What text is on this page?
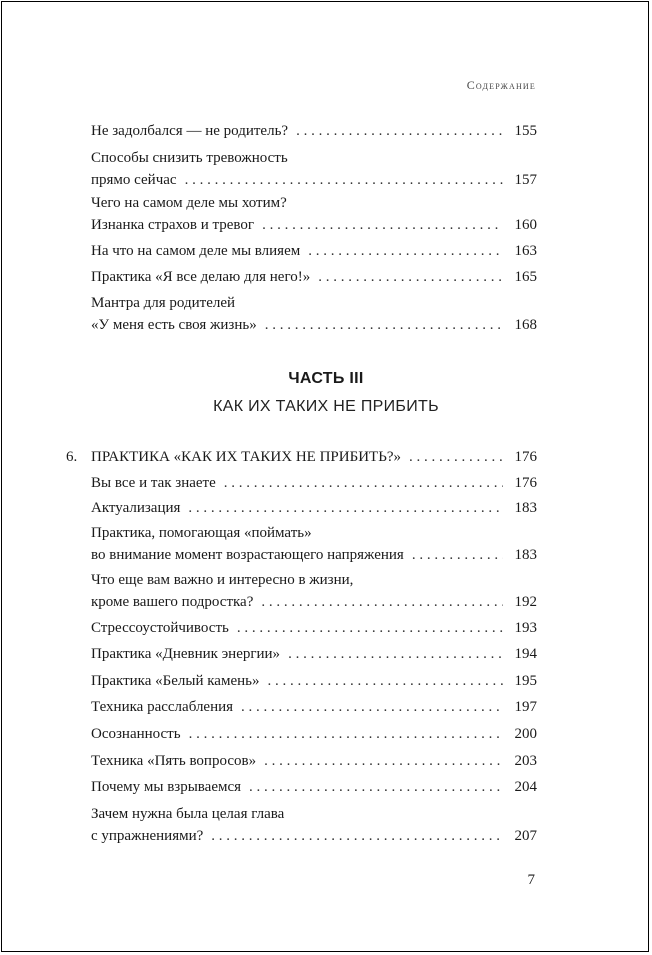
Содержание
Не задолбался — не родитель? . . .	155
Способы снизить тревожность
прямо сейчас . . .	157
Чего на самом деле мы хотим?
Изнанка страхов и тревог . . .	160
На что на самом деле мы влияем . . .	163
Практика «Я все делаю для него!» . . .	165
Мантра для родителей
«У меня есть своя жизнь» . . .	168
ЧАСТЬ III
КАК ИХ ТАКИХ НЕ ПРИБИТЬ
6. ПРАКТИКА «КАК ИХ ТАКИХ НЕ ПРИБИТЬ?» . . .	176
Вы все и так знаете . . .	176
Актуализация . . .	183
Практика, помогающая «поймать»
во внимание момент возрастающего напряжения . . .	183
Что еще вам важно и интересно в жизни,
кроме вашего подростка? . . .	192
Стрессоустойчивость . . .	193
Практика «Дневник энергии» . . .	194
Практика «Белый камень» . . .	195
Техника расслабления . . .	197
Осознанность . . .	200
Техника «Пять вопросов» . . .	203
Почему мы взрываемся . . .	204
Зачем нужна была целая глава
с упражнениями? . . .	207
7
